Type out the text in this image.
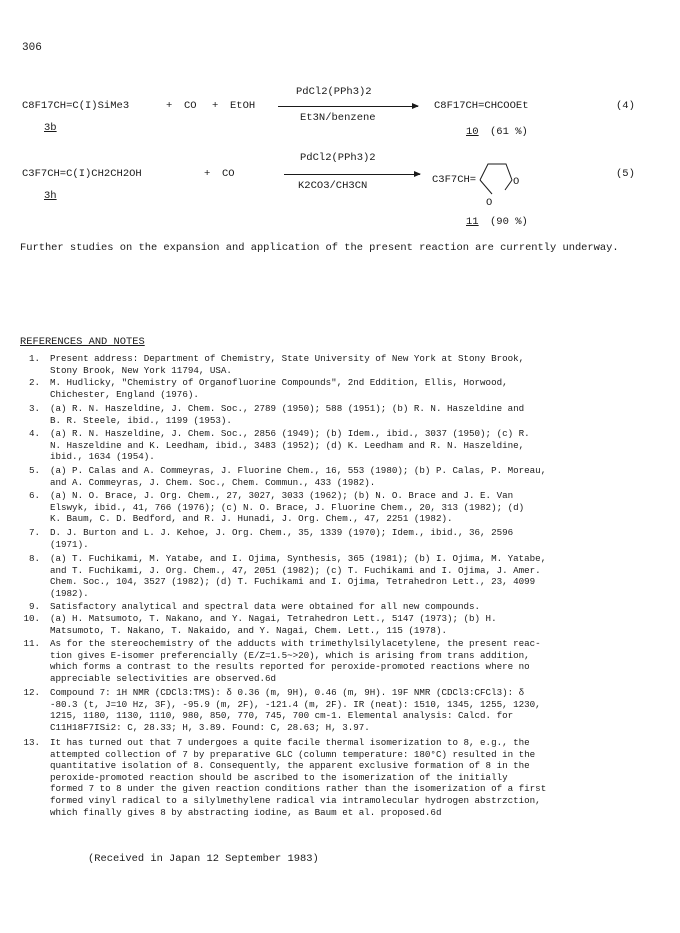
306
C8F17CH=C(I)SiMe3
3b
+ CO + EtOH
PdCl2(PPh3)2
Et3N/benzene
C8F17CH=CHCOOEt
10 (61 %)
(4)
C3F7CH=C(I)CH2CH2OH
3h
+ CO
PdCl2(PPh3)2
K2CO3/CH3CN	C3F7CH=	O
O
11 (90 %)
(5)
Further studies on the expansion and application of the present reaction are currently underway.
REFERENCES AND NOTES
1. Present address: Department of Chemistry, State University of New York at Stony Brook,
Stony Brook, New York 11794, USA.
2. M. Hudlicky, "Chemistry of Organofluorine Compounds", 2nd Eddition, Ellis, Horwood,
Chichester, England (1976).
3. (a) R. N. Haszeldine, J. Chem. Soc., 2789 (1950); 588 (1951); (b) R. N. Haszeldine and
B. R. Steele, ibid., 1199 (1953).
4. (a) R. N. Haszeldine, J. Chem. Soc., 2856 (1949); (b) Idem., ibid., 3037 (1950); (c) R.
N. Haszeldine and K. Leedham, ibid., 3483 (1952); (d) K. Leedham and R. N. Haszeldine,
ibid., 1634 (1954).
5. (a) P. Calas and A. Commeyras, J. Fluorine Chem., 16, 553 (1980); (b) P. Calas, P. Moreau,
and A. Commeyras, J. Chem. Soc., Chem. Commun., 433 (1982).
6. (a) N. O. Brace, J. Org. Chem., 27, 3027, 3033 (1962); (b) N. O. Brace and J. E. Van
Elswyk, ibid., 41, 766 (1976); (c) N. O. Brace, J. Fluorine Chem., 20, 313 (1982); (d)
K. Baum, C. D. Bedford, and R. J. Hunadi, J. Org. Chem., 47, 2251 (1982).
7. D. J. Burton and L. J. Kehoe, J. Org. Chem., 35, 1339 (1970); Idem., ibid., 36, 2596
(1971).
8. (a) T. Fuchikami, M. Yatabe, and I. Ojima, Synthesis, 365 (1981); (b) I. Ojima, M. Yatabe,
and T. Fuchikami, J. Org. Chem., 47, 2051 (1982); (c) T. Fuchikami and I. Ojima, J. Amer.
Chem. Soc., 104, 3527 (1982); (d) T. Fuchikami and I. Ojima, Tetrahedron Lett., 23, 4099
(1982).
9. Satisfactory analytical and spectral data were obtained for all new compounds.
10. (a) H. Matsumoto, T. Nakano, and Y. Nagai, Tetrahedron Lett., 5147 (1973); (b) H.
Matsumoto, T. Nakano, T. Nakaido, and Y. Nagai, Chem. Lett., 115 (1978).
11. As for the stereochemistry of the adducts with trimethylsilylacetylene, the present reac-
tion gives E-isomer preferencially (E/Z=1.5~>20), which is arising from trans addition,
which forms a contrast to the results reported for peroxide-promoted reactions where no
appreciable selectivities are observed.6d
12. Compound 7: 1H NMR (CDCl3:TMS): δ 0.36 (m, 9H), 0.46 (m, 9H). 19F NMR (CDCl3:CFCl3): δ
-80.3 (t, J=10 Hz, 3F), -95.9 (m, 2F), -121.4 (m, 2F). IR (neat): 1510, 1345, 1255, 1230,
1215, 1180, 1130, 1110, 980, 850, 770, 745, 700 cm-1. Elemental analysis: Calcd. for
C11H18F7ISi2: C, 28.33; H, 3.89. Found: C, 28.63; H, 3.97.
13. It has turned out that 7 undergoes a quite facile thermal isomerization to 8, e.g., the
attempted collection of 7 by preparative GLC (column temperature: 180°C) resulted in the
quantitative isolation of 8. Consequently, the apparent exclusive formation of 8 in the
peroxide-promoted reaction should be ascribed to the isomerization of the initially
formed 7 to 8 under the given reaction conditions rather than the isomerization of a first
formed vinyl radical to a silylmethylene radical via intramolecular hydrogen abstrzction,
which finally gives 8 by abstracting iodine, as Baum et al. proposed.6d
(Received in Japan 12 September 1983)
